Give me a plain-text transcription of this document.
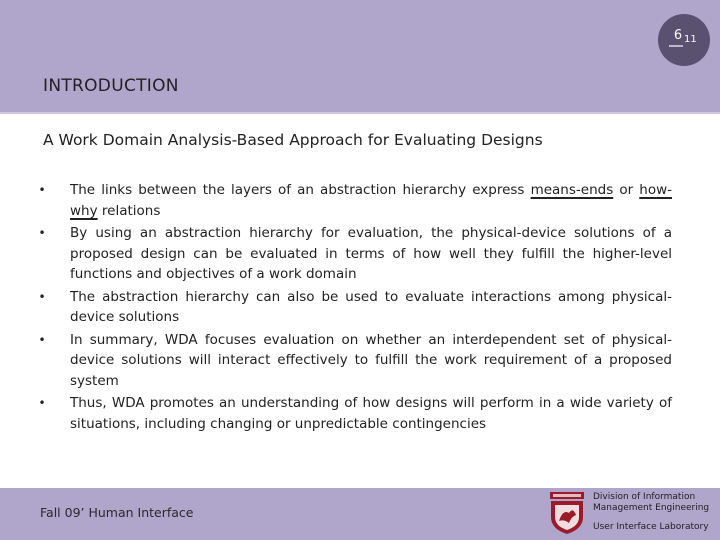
6 11
INTRODUCTION
A Work Domain Analysis-Based Approach for Evaluating Designs
• The links between the layers of an abstraction hierarchy express means-ends or how-why relations
• By using an abstraction hierarchy for evaluation, the physical-device solutions of a proposed design can be evaluated in terms of how well they fulfill the higher-level functions and objectives of a work domain
• The abstraction hierarchy can also be used to evaluate interactions among physical-device solutions
• In summary, WDA focuses evaluation on whether an interdependent set of physical-device solutions will interact effectively to fulfill the work requirement of a proposed system
• Thus, WDA promotes an understanding of how designs will perform in a wide variety of situations, including changing or unpredictable contingencies
Fall 09’ Human Interface
Division of Information Management Engineering
User Interface Laboratory
